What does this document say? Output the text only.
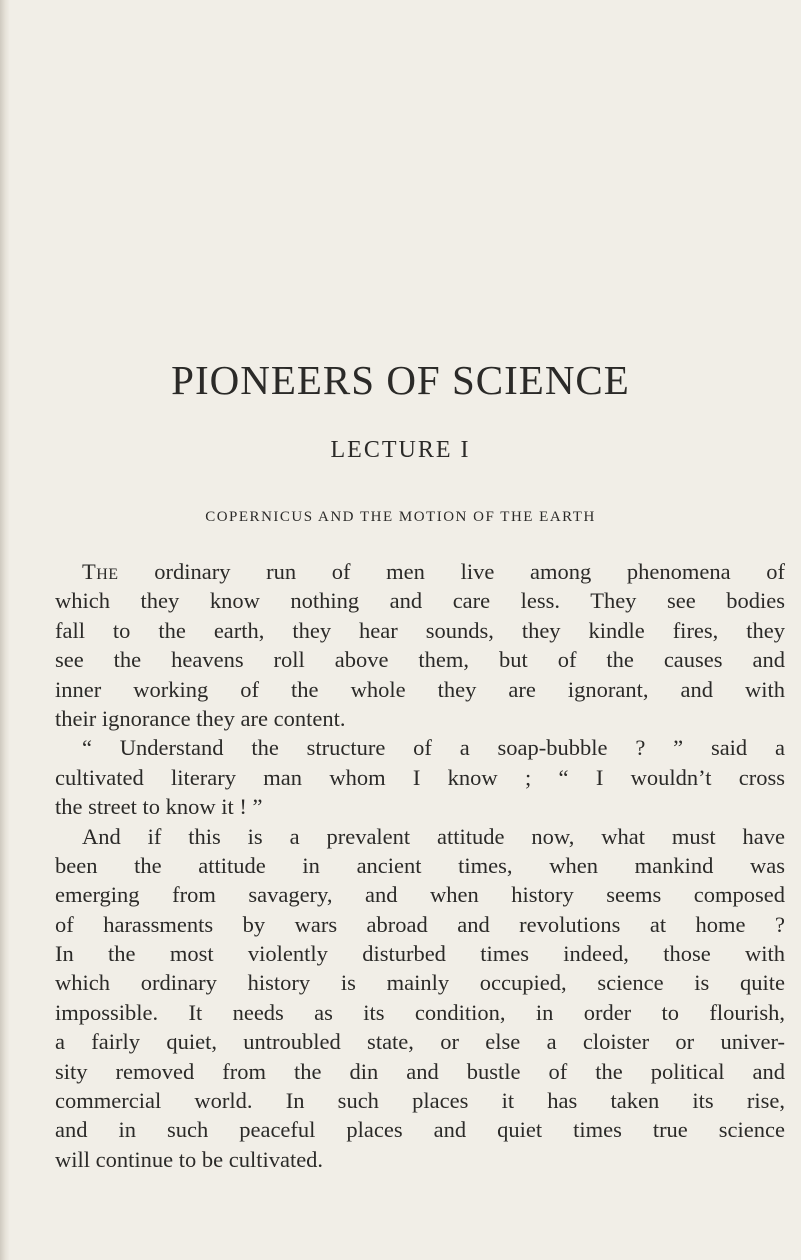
PIONEERS OF SCIENCE
LECTURE I
COPERNICUS AND THE MOTION OF THE EARTH
The ordinary run of men live among phenomena of
which they know nothing and care less. They see bodies
fall to the earth, they hear sounds, they kindle fires, they
see the heavens roll above them, but of the causes and
inner working of the whole they are ignorant, and with
their ignorance they are content.
“ Understand the structure of a soap-bubble ? ” said a
cultivated literary man whom I know ; “ I wouldn’t cross
the street to know it ! ”
And if this is a prevalent attitude now, what must have
been the attitude in ancient times, when mankind was
emerging from savagery, and when history seems composed
of harassments by wars abroad and revolutions at home ?
In the most violently disturbed times indeed, those with
which ordinary history is mainly occupied, science is quite
impossible. It needs as its condition, in order to flourish,
a fairly quiet, untroubled state, or else a cloister or univer-
sity removed from the din and bustle of the political and
commercial world. In such places it has taken its rise,
and in such peaceful places and quiet times true science
will continue to be cultivated.
